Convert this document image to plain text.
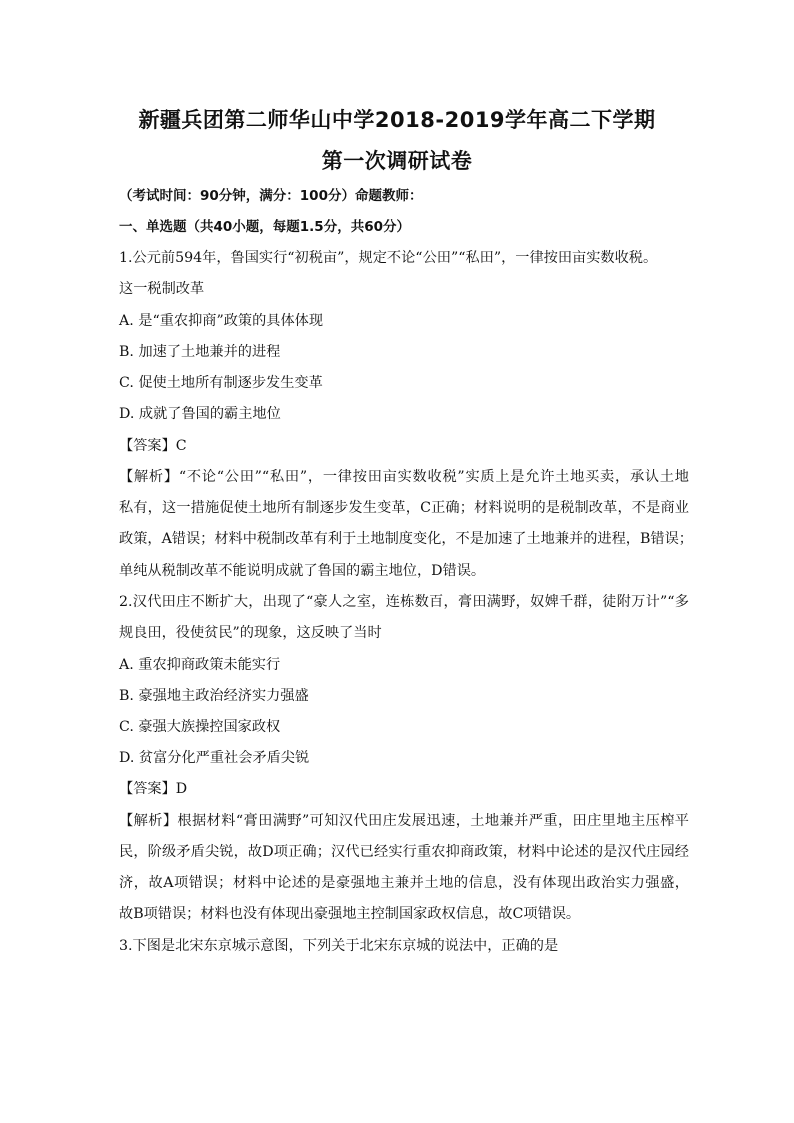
新疆兵团第二师华山中学2018-2019学年高二下学期
第一次调研试卷
（考试时间：90分钟，满分：100分）命题教师：
一、单选题（共40小题，每题1.5分，共60分）
1.公元前594年，鲁国实行“初税亩”，规定不论“公田”“私田”，一律按田亩实数收税。
这一税制改革
A. 是“重农抑商”政策的具体体现
B. 加速了土地兼并的进程
C. 促使土地所有制逐步发生变革
D. 成就了鲁国的霸主地位
【答案】C
【解析】“不论“公田”“私田”，一律按田亩实数收税”实质上是允许土地买卖，承认土地
私有，这一措施促使土地所有制逐步发生变革，C正确；材料说明的是税制改革，不是商业
政策，A错误；材料中税制改革有利于土地制度变化，不是加速了土地兼并的进程，B错误；
单纯从税制改革不能说明成就了鲁国的霸主地位，D错误。
2.汉代田庄不断扩大，出现了“豪人之室，连栋数百，膏田满野，奴婢千群，徒附万计”“多
规良田，役使贫民”的现象，这反映了当时
A. 重农抑商政策未能实行
B. 豪强地主政治经济实力强盛
C. 豪强大族操控国家政权
D. 贫富分化严重社会矛盾尖锐
【答案】D
【解析】根据材料“膏田满野”可知汉代田庄发展迅速，土地兼并严重，田庄里地主压榨平
民，阶级矛盾尖锐，故D项正确；汉代已经实行重农抑商政策，材料中论述的是汉代庄园经
济，故A项错误；材料中论述的是豪强地主兼并土地的信息，没有体现出政治实力强盛，
故B项错误；材料也没有体现出豪强地主控制国家政权信息，故C项错误。
3.下图是北宋东京城示意图，下列关于北宋东京城的说法中，正确的是
